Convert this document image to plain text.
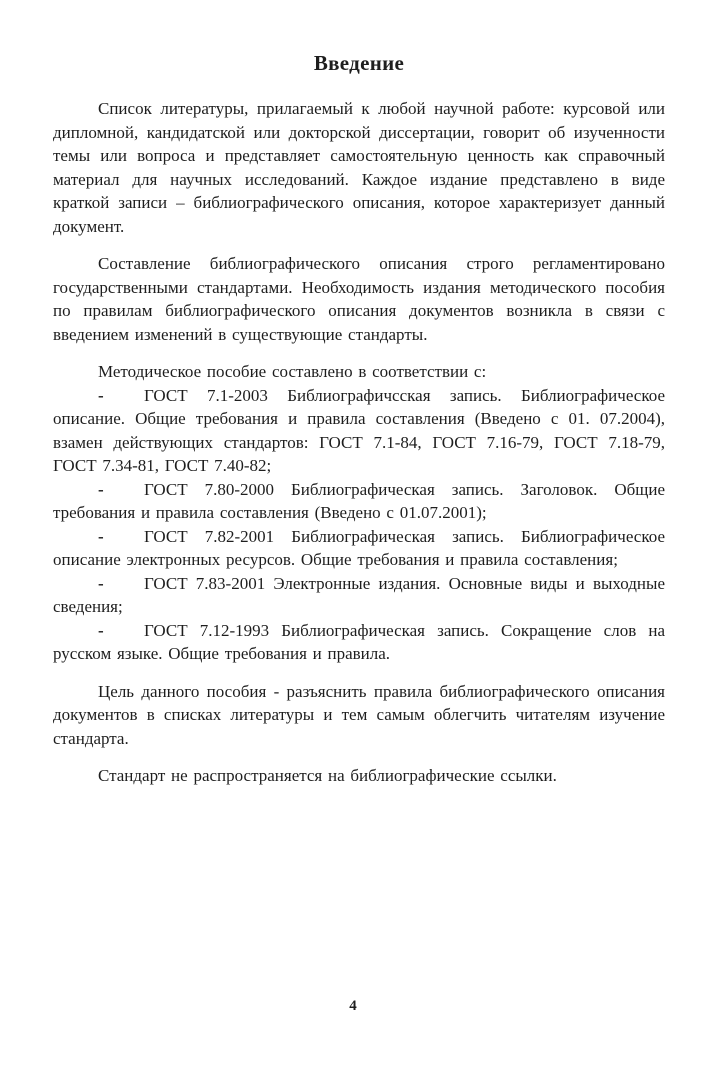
Введение
Список литературы, прилагаемый к любой научной работе: курсовой или дипломной, кандидатской или докторской диссертации, говорит об изученности темы или вопроса и представляет самостоятельную ценность как справочный материал для научных исследований. Каждое издание представлено в виде краткой записи – библиографического описания, которое характеризует данный документ.
Составление библиографического описания строго регламентировано государственными стандартами. Необходимость издания методического пособия по правилам библиографического описания документов возникла в связи с введением изменений в существующие стандарты.
Методическое пособие составлено в соответствии с:
- ГОСТ 7.1-2003 Библиографичсская запись. Библиографическое описание. Общие требования и правила составления (Введено с 01. 07.2004), взамен действующих стандартов: ГОСТ 7.1-84, ГОСТ 7.16-79, ГОСТ 7.18-79, ГОСТ 7.34-81, ГОСТ 7.40-82;
- ГОСТ 7.80-2000 Библиографическая запись. Заголовок. Общие требования и правила составления (Введено с 01.07.2001);
- ГОСТ 7.82-2001 Библиографическая запись. Библиографическое описание электронных ресурсов. Общие требования и правила составления;
- ГОСТ 7.83-2001 Электронные издания. Основные виды и выходные сведения;
- ГОСТ 7.12-1993 Библиографическая запись. Сокращение слов на русском языке. Общие требования и правила.
Цель данного пособия - разъяснить правила библиографического описания документов в списках литературы и тем самым облегчить читателям изучение стандарта.
Стандарт не распространяется на библиографические ссылки.
4
